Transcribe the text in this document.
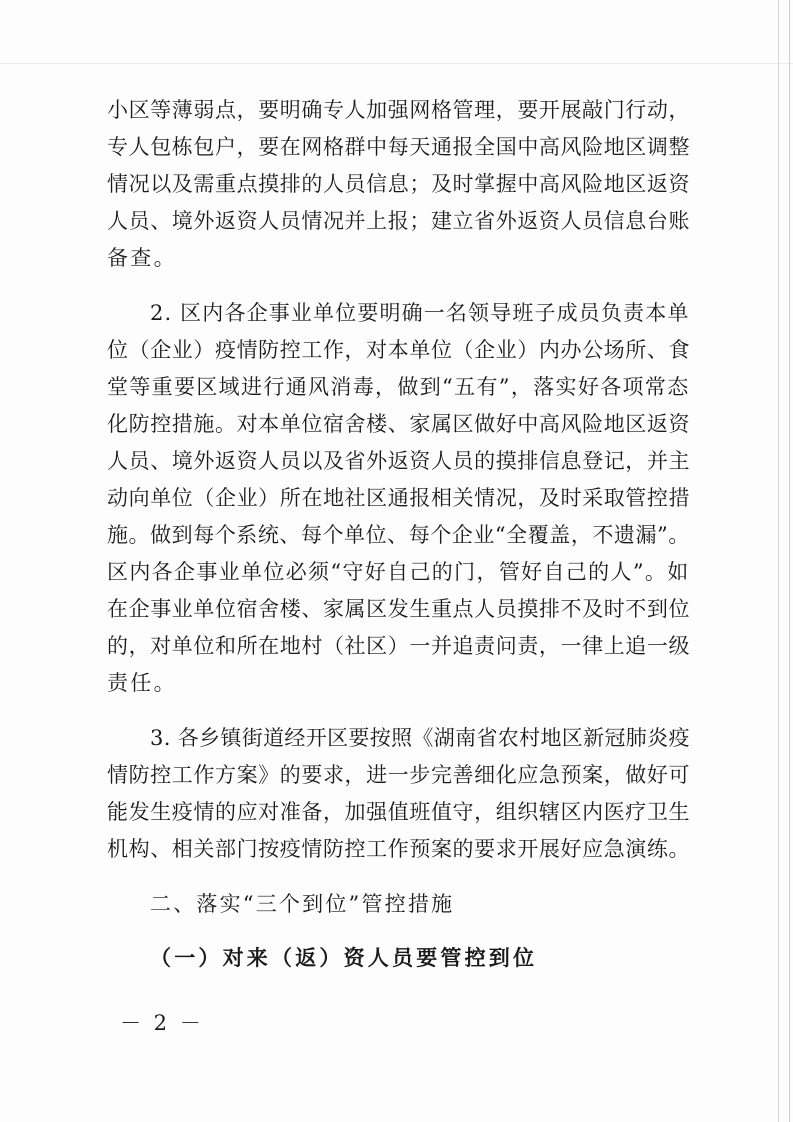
小区等薄弱点，要明确专人加强网格管理，要开展敲门行动，
专人包栋包户，要在网格群中每天通报全国中高风险地区调整
情况以及需重点摸排的人员信息；及时掌握中高风险地区返资
人员、境外返资人员情况并上报；建立省外返资人员信息台账
备查。
2. 区内各企事业单位要明确一名领导班子成员负责本单
位（企业）疫情防控工作，对本单位（企业）内办公场所、食
堂等重要区域进行通风消毒，做到“五有”，落实好各项常态
化防控措施。对本单位宿舍楼、家属区做好中高风险地区返资
人员、境外返资人员以及省外返资人员的摸排信息登记，并主
动向单位（企业）所在地社区通报相关情况，及时采取管控措
施。做到每个系统、每个单位、每个企业“全覆盖，不遗漏”。
区内各企事业单位必须“守好自己的门，管好自己的人”。如
在企事业单位宿舍楼、家属区发生重点人员摸排不及时不到位
的，对单位和所在地村（社区）一并追责问责，一律上追一级
责任。
3. 各乡镇街道经开区要按照《湖南省农村地区新冠肺炎疫
情防控工作方案》的要求，进一步完善细化应急预案，做好可
能发生疫情的应对准备，加强值班值守，组织辖区内医疗卫生
机构、相关部门按疫情防控工作预案的要求开展好应急演练。
二、落实“三个到位”管控措施
（一）对来（返）资人员要管控到位
－ 2 －
